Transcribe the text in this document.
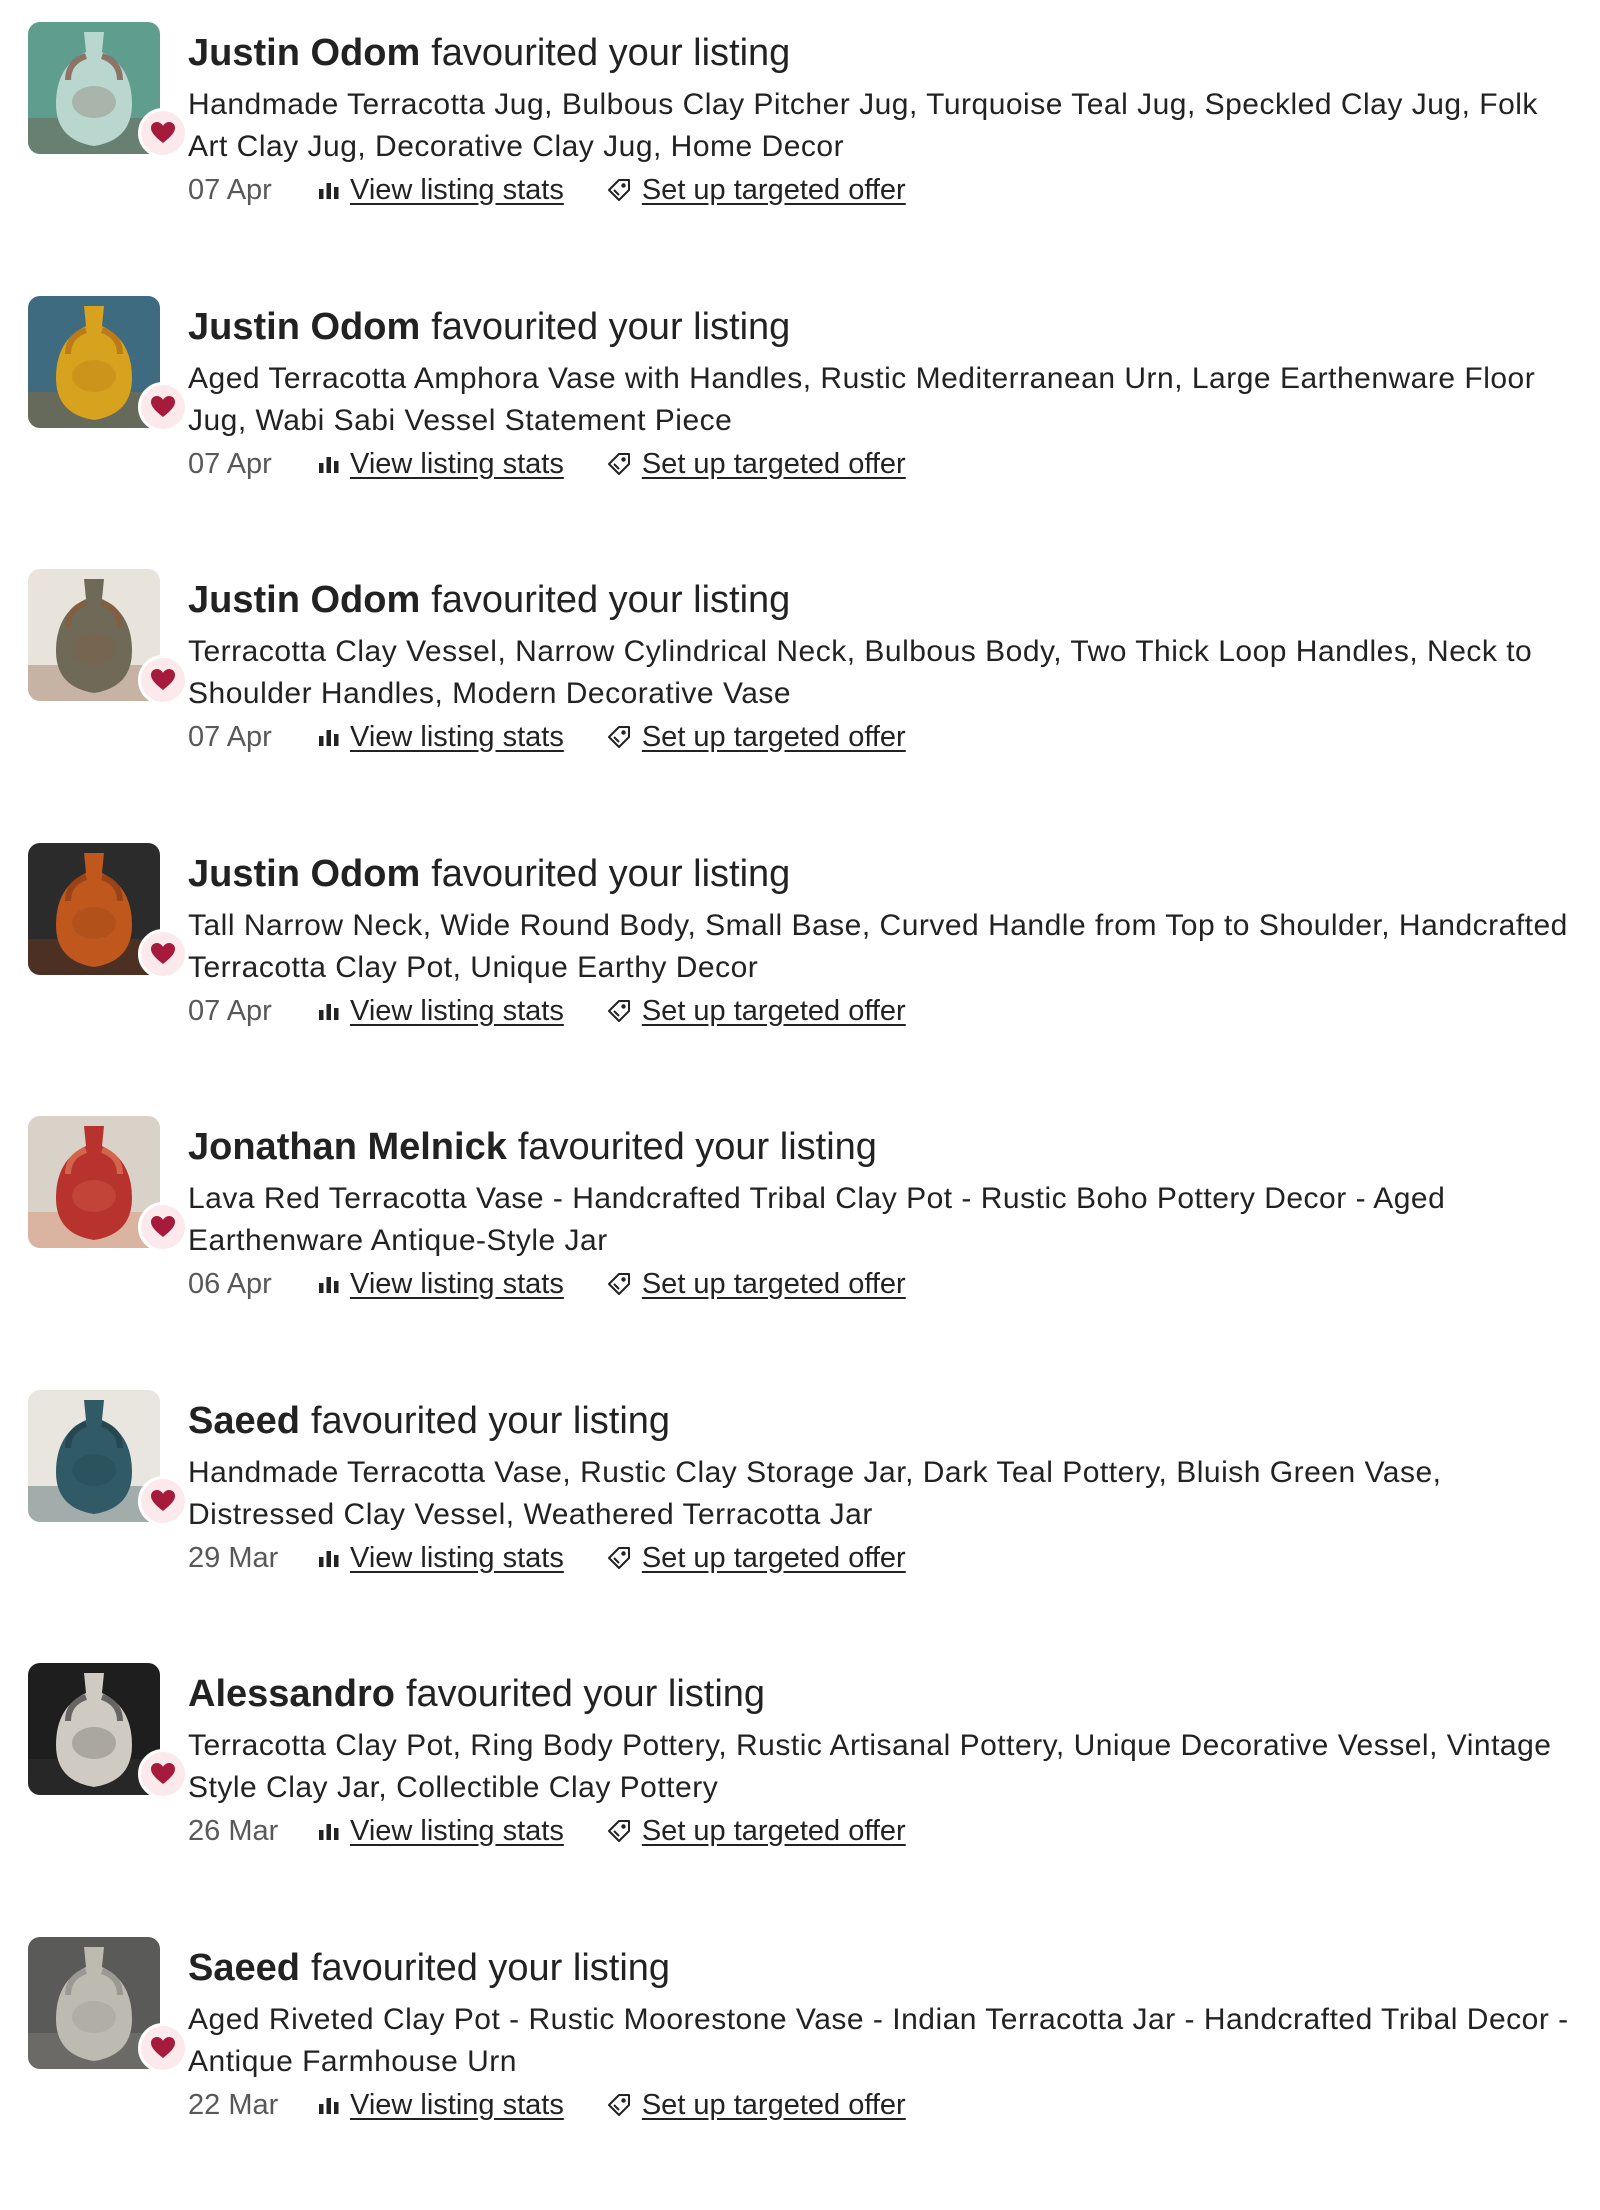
Justin Odom favourited your listing
Handmade Terracotta Jug, Bulbous Clay Pitcher Jug, Turquoise Teal Jug, Speckled Clay Jug, Folk Art Clay Jug, Decorative Clay Jug, Home Decor
07 Apr	View listing stats	Set up targeted offer
Justin Odom favourited your listing
Aged Terracotta Amphora Vase with Handles, Rustic Mediterranean Urn, Large Earthenware Floor Jug, Wabi Sabi Vessel Statement Piece
07 Apr	View listing stats	Set up targeted offer
Justin Odom favourited your listing
Terracotta Clay Vessel, Narrow Cylindrical Neck, Bulbous Body, Two Thick Loop Handles, Neck to Shoulder Handles, Modern Decorative Vase
07 Apr	View listing stats	Set up targeted offer
Justin Odom favourited your listing
Tall Narrow Neck, Wide Round Body, Small Base, Curved Handle from Top to Shoulder, Handcrafted Terracotta Clay Pot, Unique Earthy Decor
07 Apr	View listing stats	Set up targeted offer
Jonathan Melnick favourited your listing
Lava Red Terracotta Vase - Handcrafted Tribal Clay Pot - Rustic Boho Pottery Decor - Aged Earthenware Antique-Style Jar
06 Apr	View listing stats	Set up targeted offer
Saeed favourited your listing
Handmade Terracotta Vase, Rustic Clay Storage Jar, Dark Teal Pottery, Bluish Green Vase, Distressed Clay Vessel, Weathered Terracotta Jar
29 Mar	View listing stats	Set up targeted offer
Alessandro favourited your listing
Terracotta Clay Pot, Ring Body Pottery, Rustic Artisanal Pottery, Unique Decorative Vessel, Vintage Style Clay Jar, Collectible Clay Pottery
26 Mar	View listing stats	Set up targeted offer
Saeed favourited your listing
Aged Riveted Clay Pot - Rustic Moorestone Vase - Indian Terracotta Jar - Handcrafted Tribal Decor - Antique Farmhouse Urn
22 Mar	View listing stats	Set up targeted offer
